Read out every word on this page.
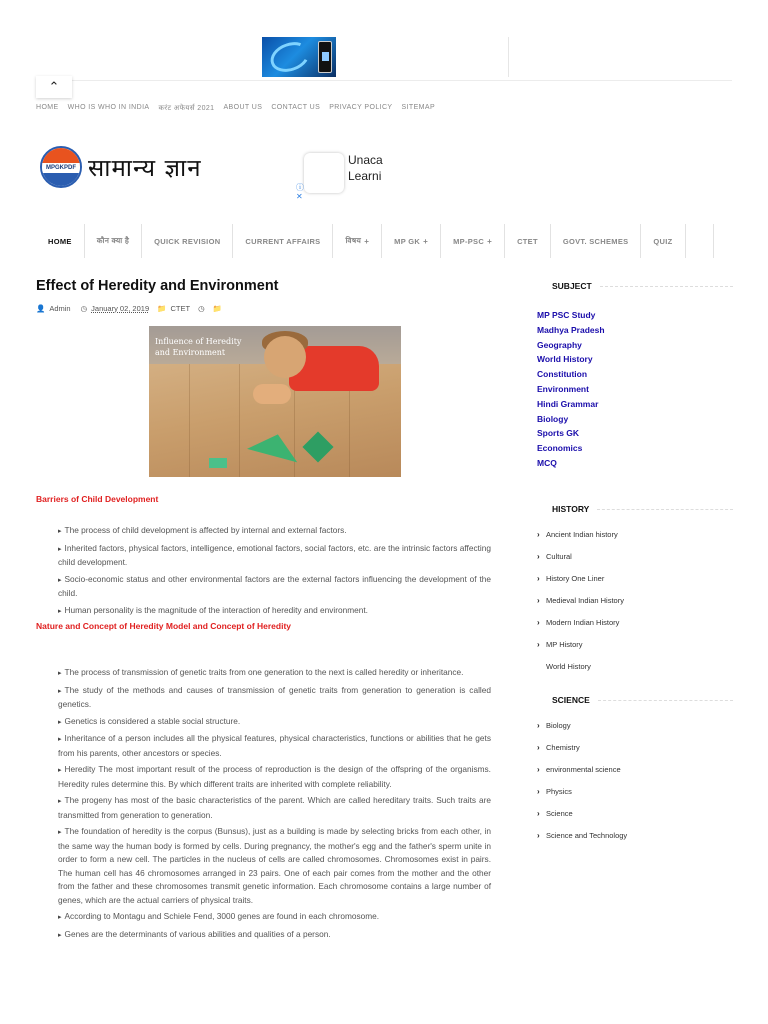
⌃
HOME WHO IS WHO IN INDIA करंट अफेयर्स 2021 ABOUT US CONTACT US PRIVACY POLICY SITEMAP
MPGKPDF सामान्य ज्ञान	Unaca
Learni
ⓘ
✕
HOME	कौन क्या है	QUICK REVISION	CURRENT AFFAIRS	विषय +	MP GK +	MP-PSC +	CTET	GOVT. SCHEMES	QUIZ
Effect of Heredity and Environment
👤 Admin ◷ January 02, 2019 📁 CTET ◷ 📁
Influence of Heredity
and Environment
Barriers of Child Development
▸ The process of child development is affected by internal and external factors.
▸ Inherited factors, physical factors, intelligence, emotional factors, social factors, etc. are the intrinsic factors affecting child development.
▸ Socio-economic status and other environmental factors are the external factors influencing the development of the child.
▸ Human personality is the magnitude of the interaction of heredity and environment.
Nature and Concept of Heredity Model and Concept of Heredity
▸ The process of transmission of genetic traits from one generation to the next is called heredity or inheritance.
▸ The study of the methods and causes of transmission of genetic traits from generation to generation is called genetics.
▸ Genetics is considered a stable social structure.
▸ Inheritance of a person includes all the physical features, physical characteristics, functions or abilities that he gets from his parents, other ancestors or species.
▸ Heredity The most important result of the process of reproduction is the design of the offspring of the organisms. Heredity rules determine this. By which different traits are inherited with complete reliability.
▸ The progeny has most of the basic characteristics of the parent. Which are called hereditary traits. Such traits are transmitted from generation to generation.
▸ The foundation of heredity is the corpus (Bunsus), just as a building is made by selecting bricks from each other, in the same way the human body is formed by cells. During pregnancy, the mother's egg and the father's sperm unite in order to form a new cell. The particles in the nucleus of cells are called chromosomes. Chromosomes exist in pairs. The human cell has 46 chromosomes arranged in 23 pairs. One of each pair comes from the mother and the other from the father and these chromosomes transmit genetic information. Each chromosome contains a large number of genes, which are the actual carriers of physical traits.
▸ According to Montagu and Schiele Fend, 3000 genes are found in each chromosome.
▸ Genes are the determinants of various abilities and qualities of a person.
SUBJECT
MP PSC Study
Madhya Pradesh
Geography
World History
Constitution
Environment
Hindi Grammar
Biology
Sports GK
Economics
MCQ
HISTORY
› Ancient Indian history
› Cultural
› History One Liner
› Medieval Indian History
› Modern Indian History
› MP History
World History
SCIENCE
› Biology
› Chemistry
› environmental science
› Physics
› Science
› Science and Technology
